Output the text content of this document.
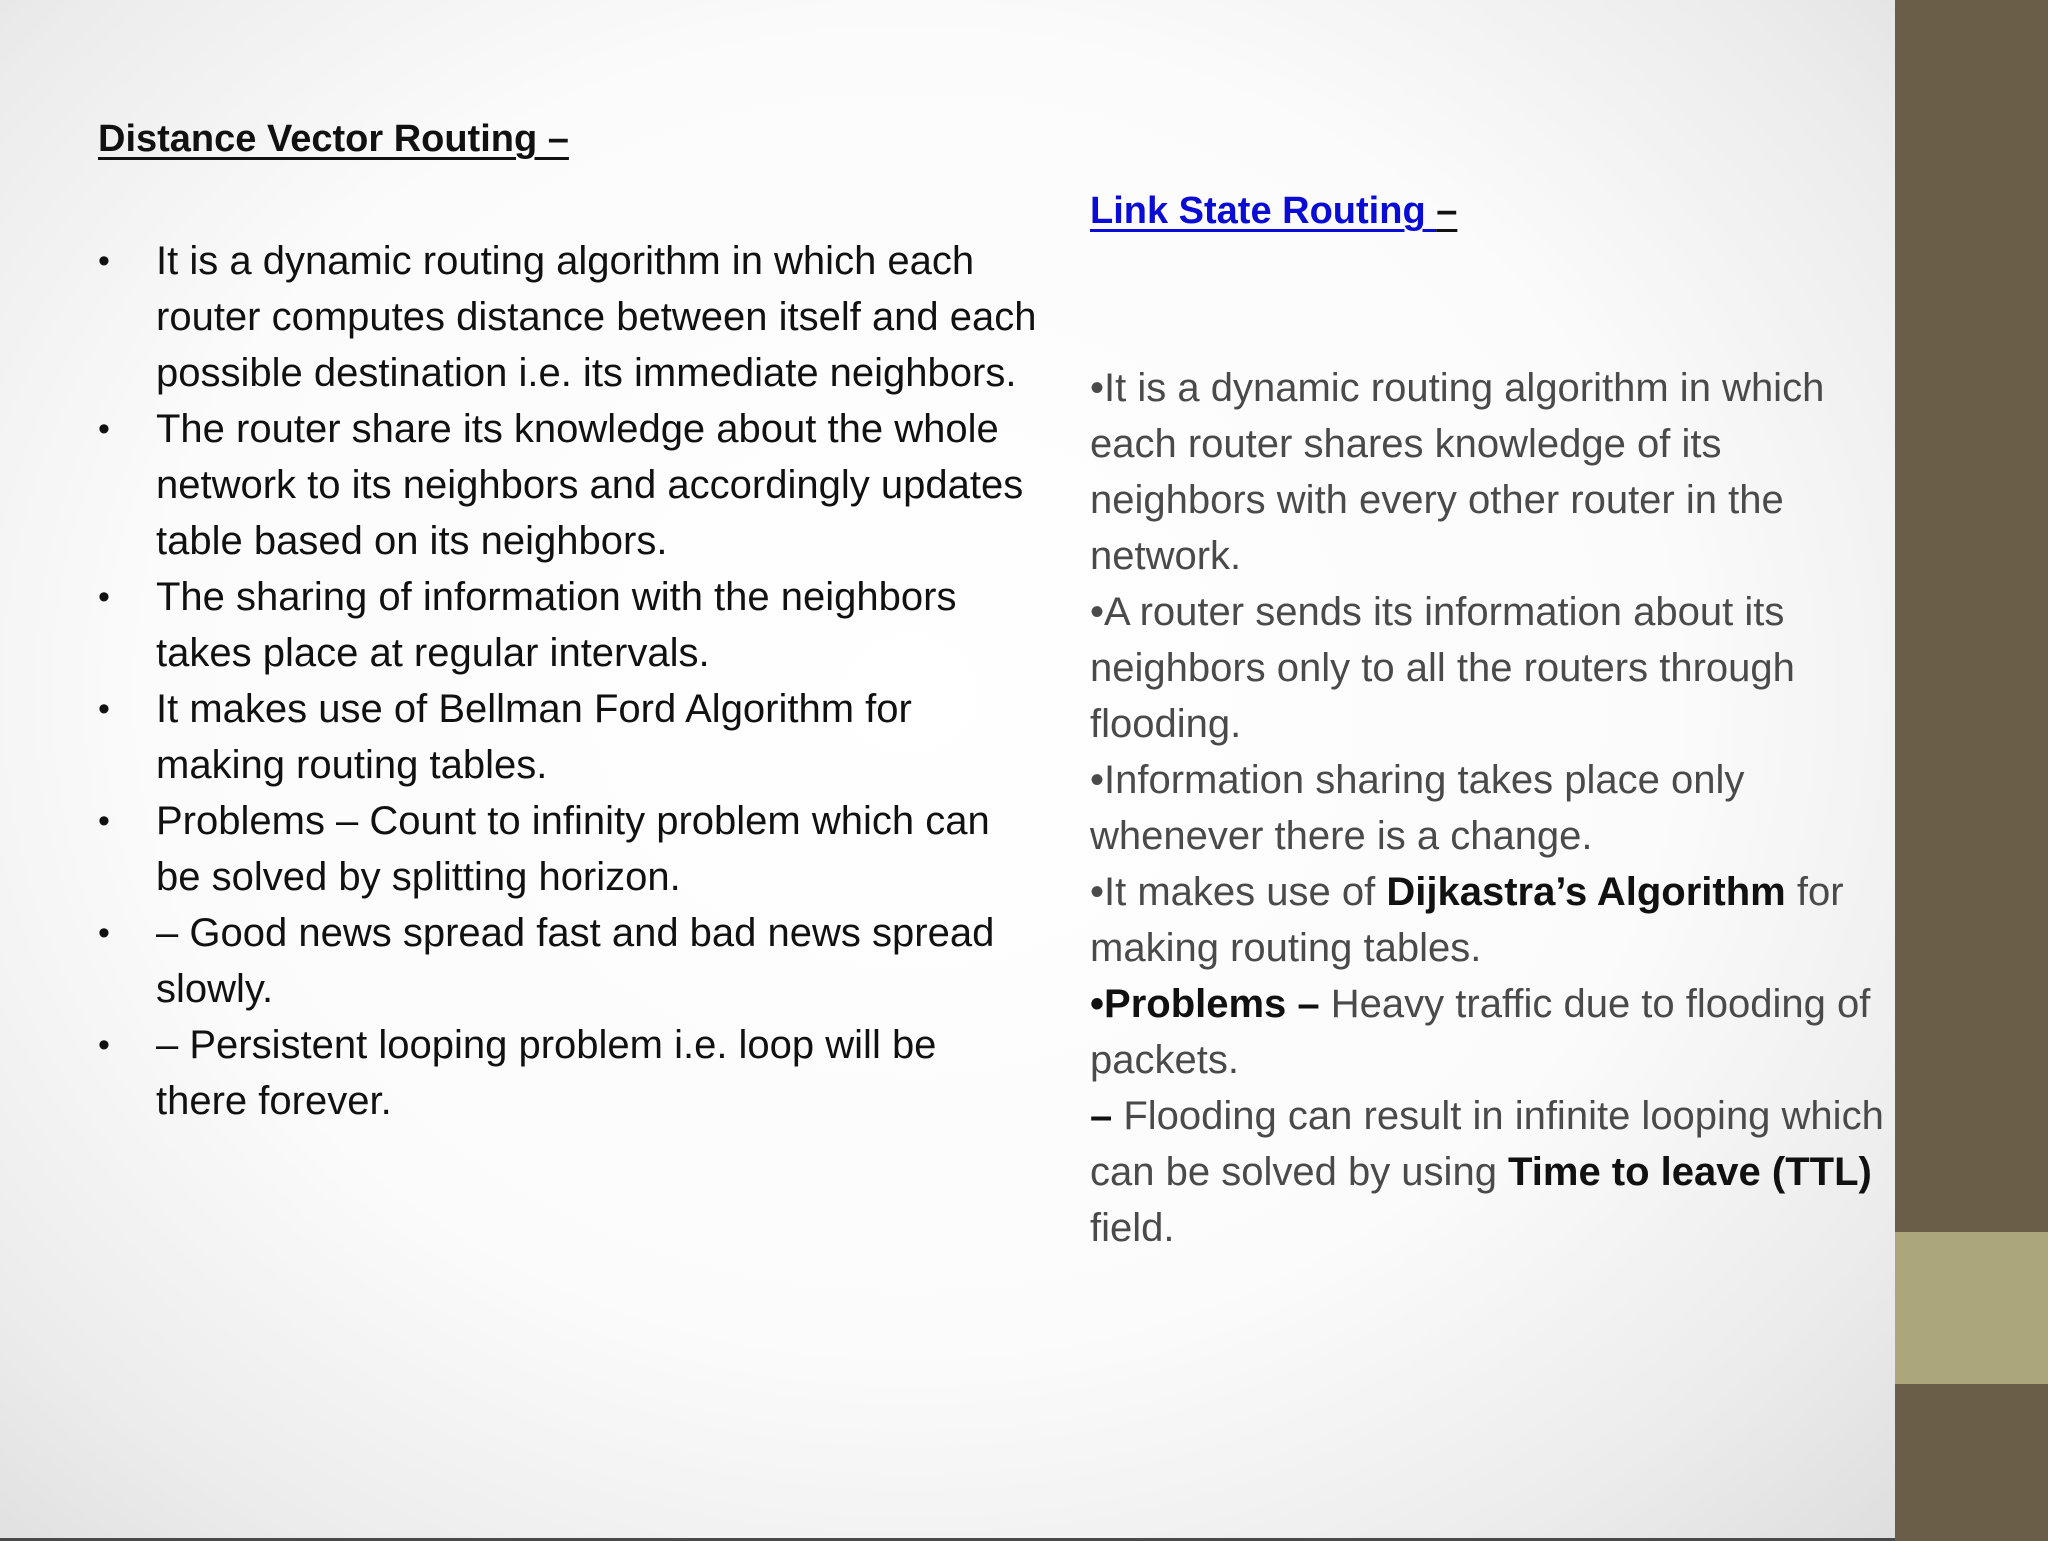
Distance Vector Routing –
• It is a dynamic routing algorithm in which each router computes distance between itself and each possible destination i.e. its immediate neighbors.
• The router share its knowledge about the whole network to its neighbors and accordingly updates table based on its neighbors.
• The sharing of information with the neighbors takes place at regular intervals.
• It makes use of Bellman Ford Algorithm for making routing tables.
• Problems – Count to infinity problem which can be solved by splitting horizon.
• – Good news spread fast and bad news spread slowly.
• – Persistent looping problem i.e. loop will be there forever.
Link State Routing –

•It is a dynamic routing algorithm in which each router shares knowledge of its neighbors with every other router in the network.

•A router sends its information about its neighbors only to all the routers through flooding.

•Information sharing takes place only whenever there is a change.

•It makes use of Dijkastra’s Algorithm for making routing tables.

•Problems – Heavy traffic due to flooding of packets.

– Flooding can result in infinite looping which can be solved by using Time to leave (TTL) field.
